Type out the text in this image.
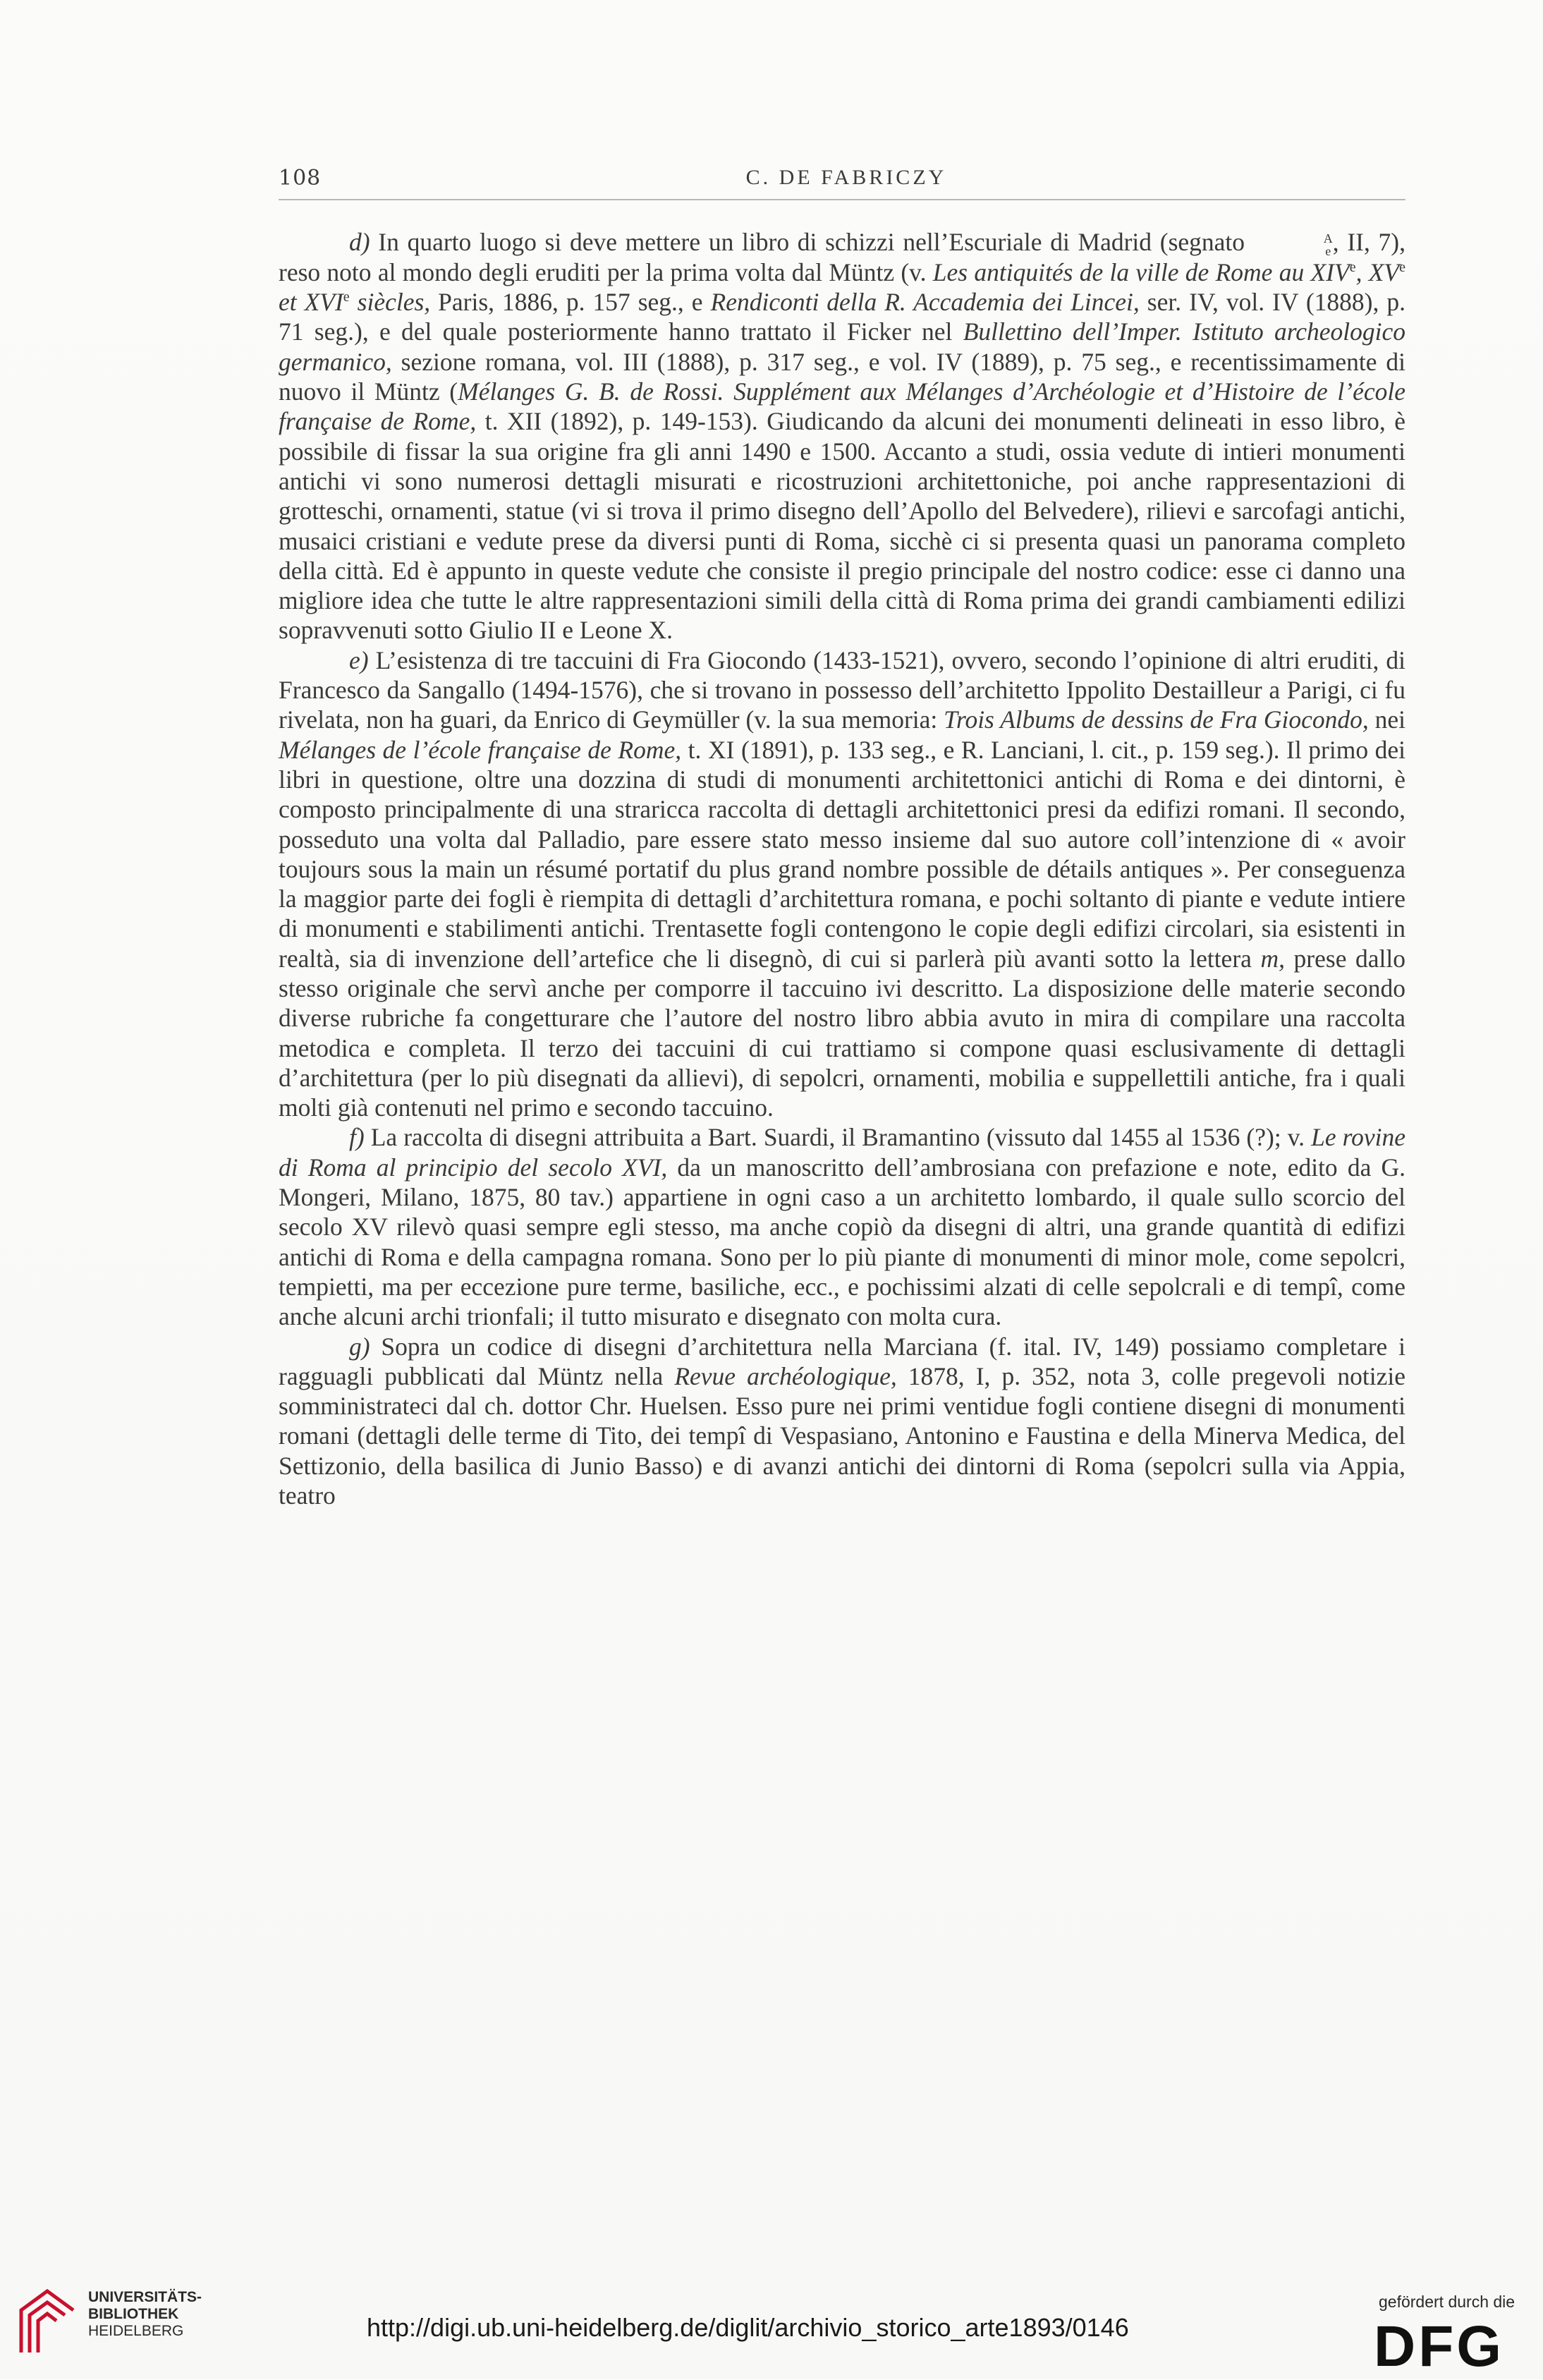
108	C. DE FABRICZY

d) In quarto luogo si deve mettere un libro di schizzi nell’Escuriale di Madrid (segnato	A
e , II, 7), reso noto al mondo degli eruditi per la prima volta dal Müntz (v. Les antiquités de la ville de Rome au XIVe, XVe et XVIe siècles, Paris, 1886, p. 157 seg., e Rendiconti della R. Accademia dei Lincei, ser. IV, vol. IV (1888), p. 71 seg.), e del quale posteriormente hanno trattato il Ficker nel Bullettino dell’Imper. Istituto archeologico germanico, sezione romana, vol. III (1888), p. 317 seg., e vol. IV (1889), p. 75 seg., e recentissimamente di nuovo il Müntz (Mélanges G. B. de Rossi. Supplément aux Mélanges d’Archéologie et d’Histoire de l’école française de Rome, t. XII (1892), p. 149-153). Giudicando da alcuni dei monumenti delineati in esso libro, è possibile di fissar la sua origine fra gli anni 1490 e 1500. Accanto a studi, ossia vedute di intieri monumenti antichi vi sono numerosi dettagli misurati e ricostruzioni architettoniche, poi anche rappresentazioni di grotteschi, ornamenti, statue (vi si trova il primo disegno dell’Apollo del Belvedere), rilievi e sarcofagi antichi, musaici cristiani e vedute prese da diversi punti di Roma, sicchè ci si presenta quasi un panorama completo della città. Ed è appunto in queste vedute che consiste il pregio principale del nostro codice: esse ci danno una migliore idea che tutte le altre rappresentazioni simili della città di Roma prima dei grandi cambiamenti edilizi sopravvenuti sotto Giulio II e Leone X.

e) L’esistenza di tre taccuini di Fra Giocondo (1433-1521), ovvero, secondo l’opinione di altri eruditi, di Francesco da Sangallo (1494-1576), che si trovano in possesso dell’architetto Ippolito Destailleur a Parigi, ci fu rivelata, non ha guari, da Enrico di Geymüller (v. la sua memoria: Trois Albums de dessins de Fra Giocondo, nei Mélanges de l’école française de Rome, t. XI (1891), p. 133 seg., e R. Lanciani, l. cit., p. 159 seg.). Il primo dei libri in questione, oltre una dozzina di studi di monumenti architettonici antichi di Roma e dei dintorni, è composto principalmente di una straricca raccolta di dettagli architettonici presi da edifizi romani. Il secondo, posseduto una volta dal Palladio, pare essere stato messo insieme dal suo autore coll’intenzione di « avoir toujours sous la main un résumé portatif du plus grand nombre possible de détails antiques ». Per conseguenza la maggior parte dei fogli è riempita di dettagli d’architettura romana, e pochi soltanto di piante e vedute intiere di monumenti e stabilimenti antichi. Trentasette fogli contengono le copie degli edifizi circolari, sia esistenti in realtà, sia di invenzione dell’artefice che li disegnò, di cui si parlerà più avanti sotto la lettera m, prese dallo stesso originale che servì anche per comporre il taccuino ivi descritto. La disposizione delle materie secondo diverse rubriche fa congetturare che l’autore del nostro libro abbia avuto in mira di compilare una raccolta metodica e completa. Il terzo dei taccuini di cui trattiamo si compone quasi esclusivamente di dettagli d’architettura (per lo più disegnati da allievi), di sepolcri, ornamenti, mobilia e suppellettili antiche, fra i quali molti già contenuti nel primo e secondo taccuino.

f) La raccolta di disegni attribuita a Bart. Suardi, il Bramantino (vissuto dal 1455 al 1536 (?); v. Le rovine di Roma al principio del secolo XVI, da un manoscritto dell’ambrosiana con prefazione e note, edito da G. Mongeri, Milano, 1875, 80 tav.) appartiene in ogni caso a un architetto lombardo, il quale sullo scorcio del secolo XV rilevò quasi sempre egli stesso, ma anche copiò da disegni di altri, una grande quantità di edifizi antichi di Roma e della campagna romana. Sono per lo più piante di monumenti di minor mole, come sepolcri, tempietti, ma per eccezione pure terme, basiliche, ecc., e pochissimi alzati di celle sepolcrali e di tempî, come anche alcuni archi trionfali; il tutto misurato e disegnato con molta cura.

g) Sopra un codice di disegni d’architettura nella Marciana (f. ital. IV, 149) possiamo completare i ragguagli pubblicati dal Müntz nella Revue archéologique, 1878, I, p. 352, nota 3, colle pregevoli notizie somministrateci dal ch. dottor Chr. Huelsen. Esso pure nei primi ventidue fogli contiene disegni di monumenti romani (dettagli delle terme di Tito, dei tempî di Vespasiano, Antonino e Faustina e della Minerva Medica, del Settizonio, della basilica di Junio Basso) e di avanzi antichi dei dintorni di Roma (sepolcri sulla via Appia, teatro

UNIVERSITÄTS-
BIBLIOTHEK
HEIDELBERG	http://digi.ub.uni-heidelberg.de/diglit/archivio_storico_arte1893/0146
gefördert durch die
DFG
